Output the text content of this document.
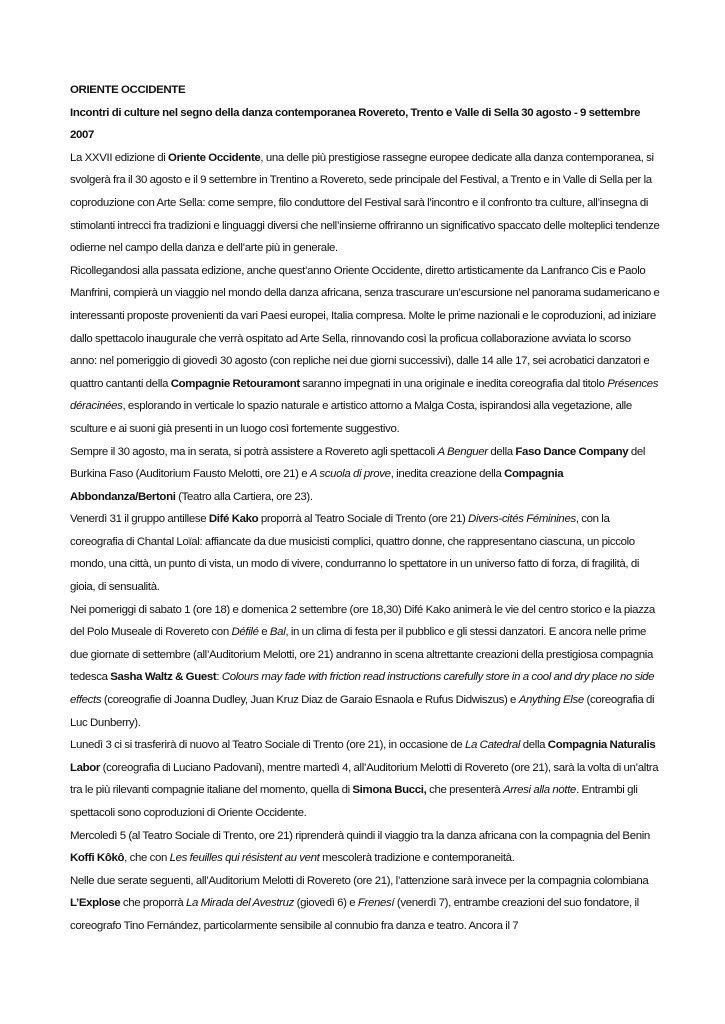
ORIENTE OCCIDENTE

Incontri di culture nel segno della danza contemporanea Rovereto, Trento e Valle di Sella 30 agosto - 9 settembre 2007

La XXVII edizione di Oriente Occidente, una delle più prestigiose rassegne europee dedicate alla danza contemporanea, si svolgerà fra il 30 agosto e il 9 settembre in Trentino a Rovereto, sede principale del Festival, a Trento e in Valle di Sella per la coproduzione con Arte Sella: come sempre, filo conduttore del Festival sarà l’incontro e il confronto tra culture, all’insegna di stimolanti intrecci fra tradizioni e linguaggi diversi che nell’insieme offriranno un significativo spaccato delle molteplici tendenze odierne nel campo della danza e dell’arte più in generale.

Ricollegandosi alla passata edizione, anche quest’anno Oriente Occidente, diretto artisticamente da Lanfranco Cis e Paolo Manfrini, compierà un viaggio nel mondo della danza africana, senza trascurare un’escursione nel panorama sudamericano e interessanti proposte provenienti da vari Paesi europei, Italia compresa. Molte le prime nazionali e le coproduzioni, ad iniziare dallo spettacolo inaugurale che verrà ospitato ad Arte Sella, rinnovando così la proficua collaborazione avviata lo scorso anno: nel pomeriggio di giovedì 30 agosto (con repliche nei due giorni successivi), dalle 14 alle 17, sei acrobatici danzatori e quattro cantanti della Compagnie Retouramont saranno impegnati in una originale e inedita coreografia dal titolo Présences déracinées, esplorando in verticale lo spazio naturale e artistico attorno a Malga Costa, ispirandosi alla vegetazione, alle sculture e ai suoni già presenti in un luogo così fortemente suggestivo.

Sempre il 30 agosto, ma in serata, si potrà assistere a Rovereto agli spettacoli A Benguer della Faso Dance Company del Burkina Faso (Auditorium Fausto Melotti, ore 21) e A scuola di prove, inedita creazione della Compagnia Abbondanza/Bertoni (Teatro alla Cartiera, ore 23).

Venerdì 31 il gruppo antillese Difé Kako proporrà al Teatro Sociale di Trento (ore 21) Divers-cités Féminines, con la coreografia di Chantal Loïal: affiancate da due musicisti complici, quattro donne, che rappresentano ciascuna, un piccolo mondo, una città, un punto di vista, un modo di vivere, condurranno lo spettatore in un universo fatto di forza, di fragilità, di gioia, di sensualità.

Nei pomeriggi di sabato 1 (ore 18) e domenica 2 settembre (ore 18,30) Difé Kako animerà le vie del centro storico e la piazza del Polo Museale di Rovereto con Défilé e Bal, in un clima di festa per il pubblico e gli stessi danzatori. E ancora nelle prime due giornate di settembre (all’Auditorium Melotti, ore 21) andranno in scena altrettante creazioni della prestigiosa compagnia tedesca Sasha Waltz & Guest: Colours may fade with friction read instructions carefully store in a cool and dry place no side effects (coreografie di Joanna Dudley, Juan Kruz Diaz de Garaio Esnaola e Rufus Didwiszus) e Anything Else (coreografia di Luc Dunberry).

Lunedì 3 ci si trasferirà di nuovo al Teatro Sociale di Trento (ore 21), in occasione de La Catedral della Compagnia Naturalis Labor (coreografia di Luciano Padovani), mentre martedì 4, all’Auditorium Melotti di Rovereto (ore 21), sarà la volta di un’altra tra le più rilevanti compagnie italiane del momento, quella di Simona Bucci, che presenterà Arresi alla notte. Entrambi gli spettacoli sono coproduzioni di Oriente Occidente.

Mercoledì 5 (al Teatro Sociale di Trento, ore 21) riprenderà quindi il viaggio tra la danza africana con la compagnia del Benin Koffi Kôkô, che con Les feuilles qui résistent au vent mescolerà tradizione e contemporaneità.

Nelle due serate seguenti, all’Auditorium Melotti di Rovereto (ore 21), l’attenzione sarà invece per la compagnia colombiana L’Explose che proporrà La Mirada del Avestruz (giovedì 6) e Frenesí (venerdì 7), entrambe creazioni del suo fondatore, il coreografo Tino Fernández, particolarmente sensibile al connubio fra danza e teatro. Ancora il 7
